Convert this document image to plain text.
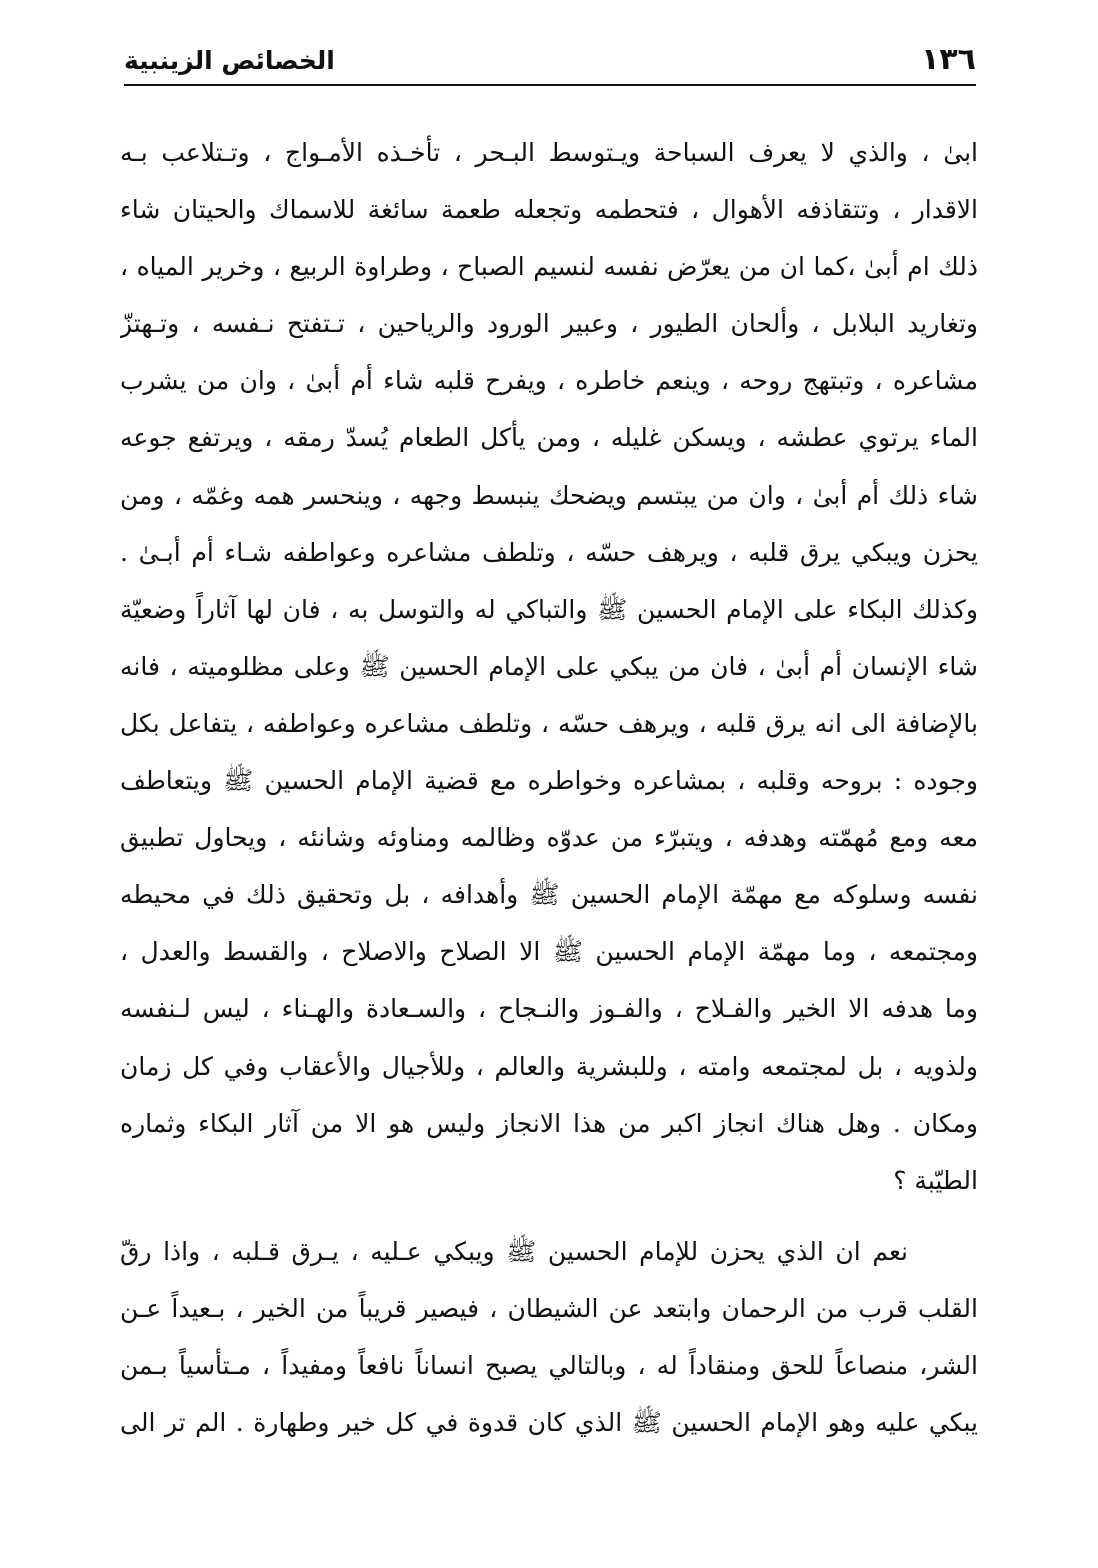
١٣٦
الخصائص الزينبية
ابىٰ ، والذي لا يعرف السباحة ويـتوسط البـحر ، تأخـذه الأمـواج ، وتـتلاعب بـه
الاقدار ، وتتقاذفه الأهوال ، فتحطمه وتجعله طعمة سائغة للاسماك والحيتان شاء
ذلك ام أبىٰ ،كما ان من يعرّض نفسه لنسيم الصباح ، وطراوة الربيع ، وخرير المياه ،
وتغاريد البلابل ، وألحان الطيور ، وعبير الورود والرياحين ، تـتفتح نـفسه ، وتـهتزّ
مشاعره ، وتبتهج روحه ، وينعم خاطره ، ويفرح قلبه شاء أم أبىٰ ، وان من يشرب
الماء يرتوي عطشه ، ويسكن غليله ، ومن يأكل الطعام يُسدّ رمقه ، ويرتفع جوعه
شاء ذلك أم أبىٰ ، وان من يبتسم ويضحك ينبسط وجهه ، وينحسر همه وغمّه ، ومن
يحزن ويبكي يرق قلبه ، ويرهف حسّه ، وتلطف مشاعره وعواطفه شـاء أم أبـىٰ .
وكذلك البكاء على الإمام الحسين ﷺ والتباكي له والتوسل به ، فان لها آثاراً وضعيّة
شاء الإنسان أم أبىٰ ، فان من يبكي على الإمام الحسين ﷺ وعلى مظلوميته ، فانه
بالإضافة الى انه يرق قلبه ، ويرهف حسّه ، وتلطف مشاعره وعواطفه ، يتفاعل بكل
وجوده : بروحه وقلبه ، بمشاعره وخواطره مع قضية الإمام الحسين ﷺ ويتعاطف
معه ومع مُهمّته وهدفه ، ويتبرّء من عدوّه وظالمه ومناوئه وشانئه ، ويحاول تطبيق
نفسه وسلوكه مع مهمّة الإمام الحسين ﷺ وأهدافه ، بل وتحقيق ذلك في محيطه
ومجتمعه ، وما مهمّة الإمام الحسين ﷺ الا الصلاح والاصلاح ، والقسط والعدل ،
وما هدفه الا الخير والفـلاح ، والفـوز والنـجاح ، والسـعادة والهـناء ، ليس لـنفسه
ولذويه ، بل لمجتمعه وامته ، وللبشرية والعالم ، وللأجيال والأعقاب وفي كل زمان
ومكان . وهل هناك انجاز اكبر من هذا الانجاز وليس هو الا من آثار البكاء وثماره
الطيّبة ؟
نعم ان الذي يحزن للإمام الحسين ﷺ ويبكي عـليه ، يـرق قـلبه ، واذا رقّ
القلب قرب من الرحمان وابتعد عن الشيطان ، فيصير قريباً من الخير ، بـعيداً عـن
الشر، منصاعاً للحق ومنقاداً له ، وبالتالي يصبح انساناً نافعاً ومفيداً ، مـتأسياً بـمن
يبكي عليه وهو الإمام الحسين ﷺ الذي كان قدوة في كل خير وطهارة . الم تر الى
